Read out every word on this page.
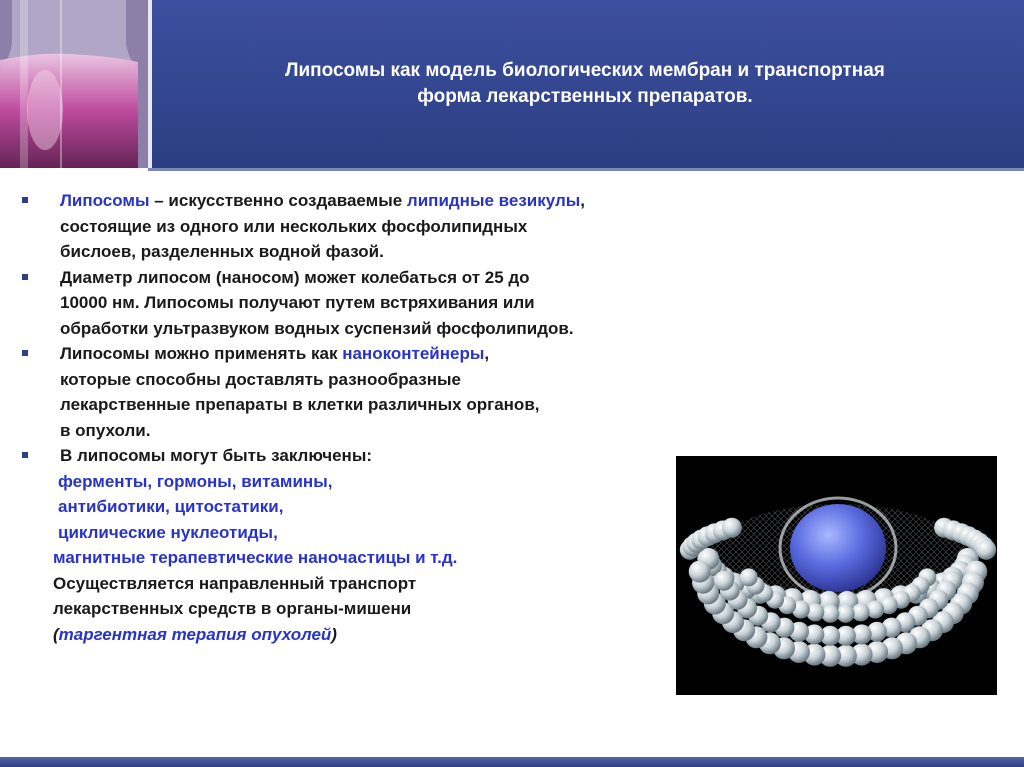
Липосомы как модель биологических мембран и транспортная
форма лекарственных препаратов.
Липосомы – искусственно создаваемые липидные везикулы,
состоящие из одного или нескольких фосфолипидных
бислоев, разделенных водной фазой.
Диаметр липосом (наносом) может колебаться от 25 до
10000 нм. Липосомы получают путем встряхивания или
обработки ультразвуком водных суспензий фосфолипидов.
Липосомы можно применять как наноконтейнеры,
которые способны доставлять разнообразные
лекарственные препараты в клетки различных органов,
в опухоли.
В липосомы могут быть заключены:
ферменты, гормоны, витамины,
антибиотики, цитостатики,
циклические нуклеотиды,
магнитные терапевтические наночастицы и т.д.
Осуществляется направленный транспорт
лекарственных средств в органы-мишени
(таргентная терапия опухолей)
